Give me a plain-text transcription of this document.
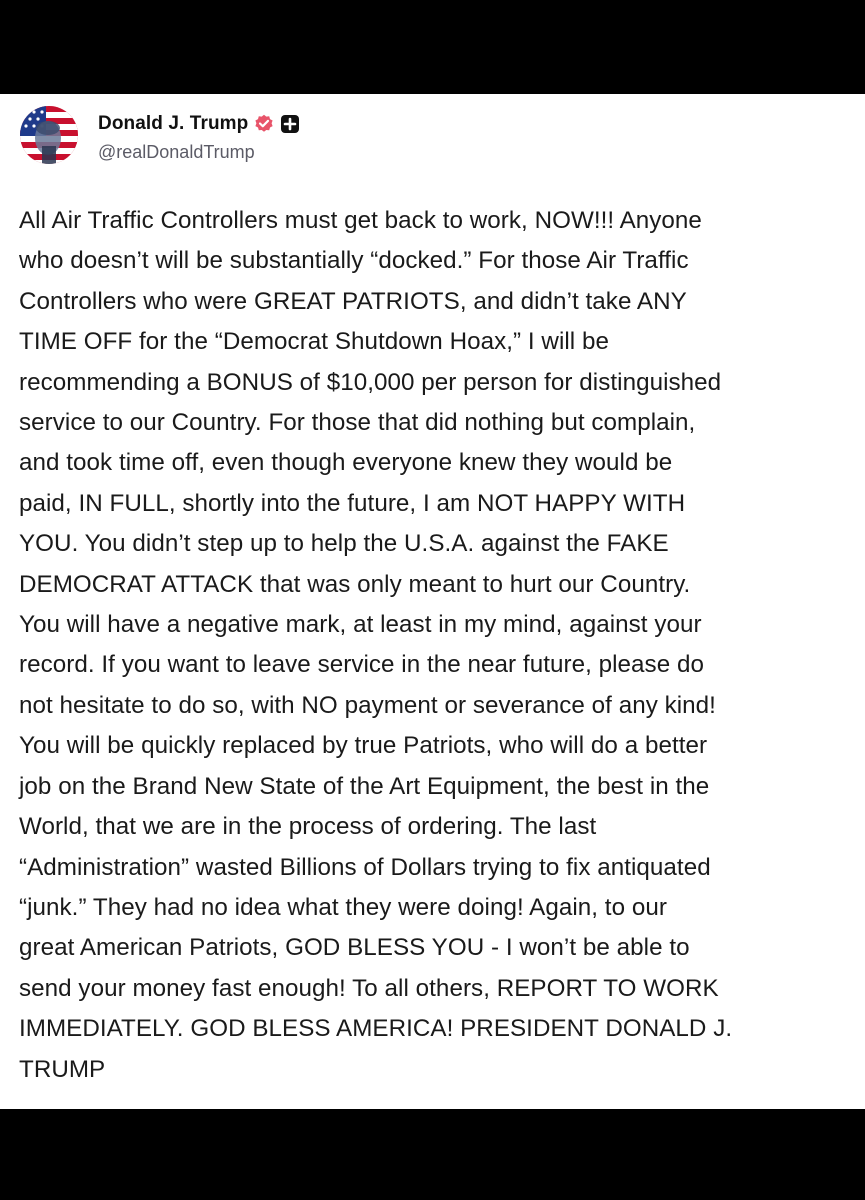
Donald J. Trump
@realDonaldTrump
All Air Traffic Controllers must get back to work, NOW!!! Anyone
who doesn’t will be substantially “docked.” For those Air Traffic
Controllers who were GREAT PATRIOTS, and didn’t take ANY
TIME OFF for the “Democrat Shutdown Hoax,” I will be
recommending a BONUS of $10,000 per person for distinguished
service to our Country. For those that did nothing but complain,
and took time off, even though everyone knew they would be
paid, IN FULL, shortly into the future, I am NOT HAPPY WITH
YOU. You didn’t step up to help the U.S.A. against the FAKE
DEMOCRAT ATTACK that was only meant to hurt our Country.
You will have a negative mark, at least in my mind, against your
record. If you want to leave service in the near future, please do
not hesitate to do so, with NO payment or severance of any kind!
You will be quickly replaced by true Patriots, who will do a better
job on the Brand New State of the Art Equipment, the best in the
World, that we are in the process of ordering. The last
“Administration” wasted Billions of Dollars trying to fix antiquated
“junk.” They had no idea what they were doing! Again, to our
great American Patriots, GOD BLESS YOU - I won’t be able to
send your money fast enough! To all others, REPORT TO WORK
IMMEDIATELY. GOD BLESS AMERICA! PRESIDENT DONALD J.
TRUMP
